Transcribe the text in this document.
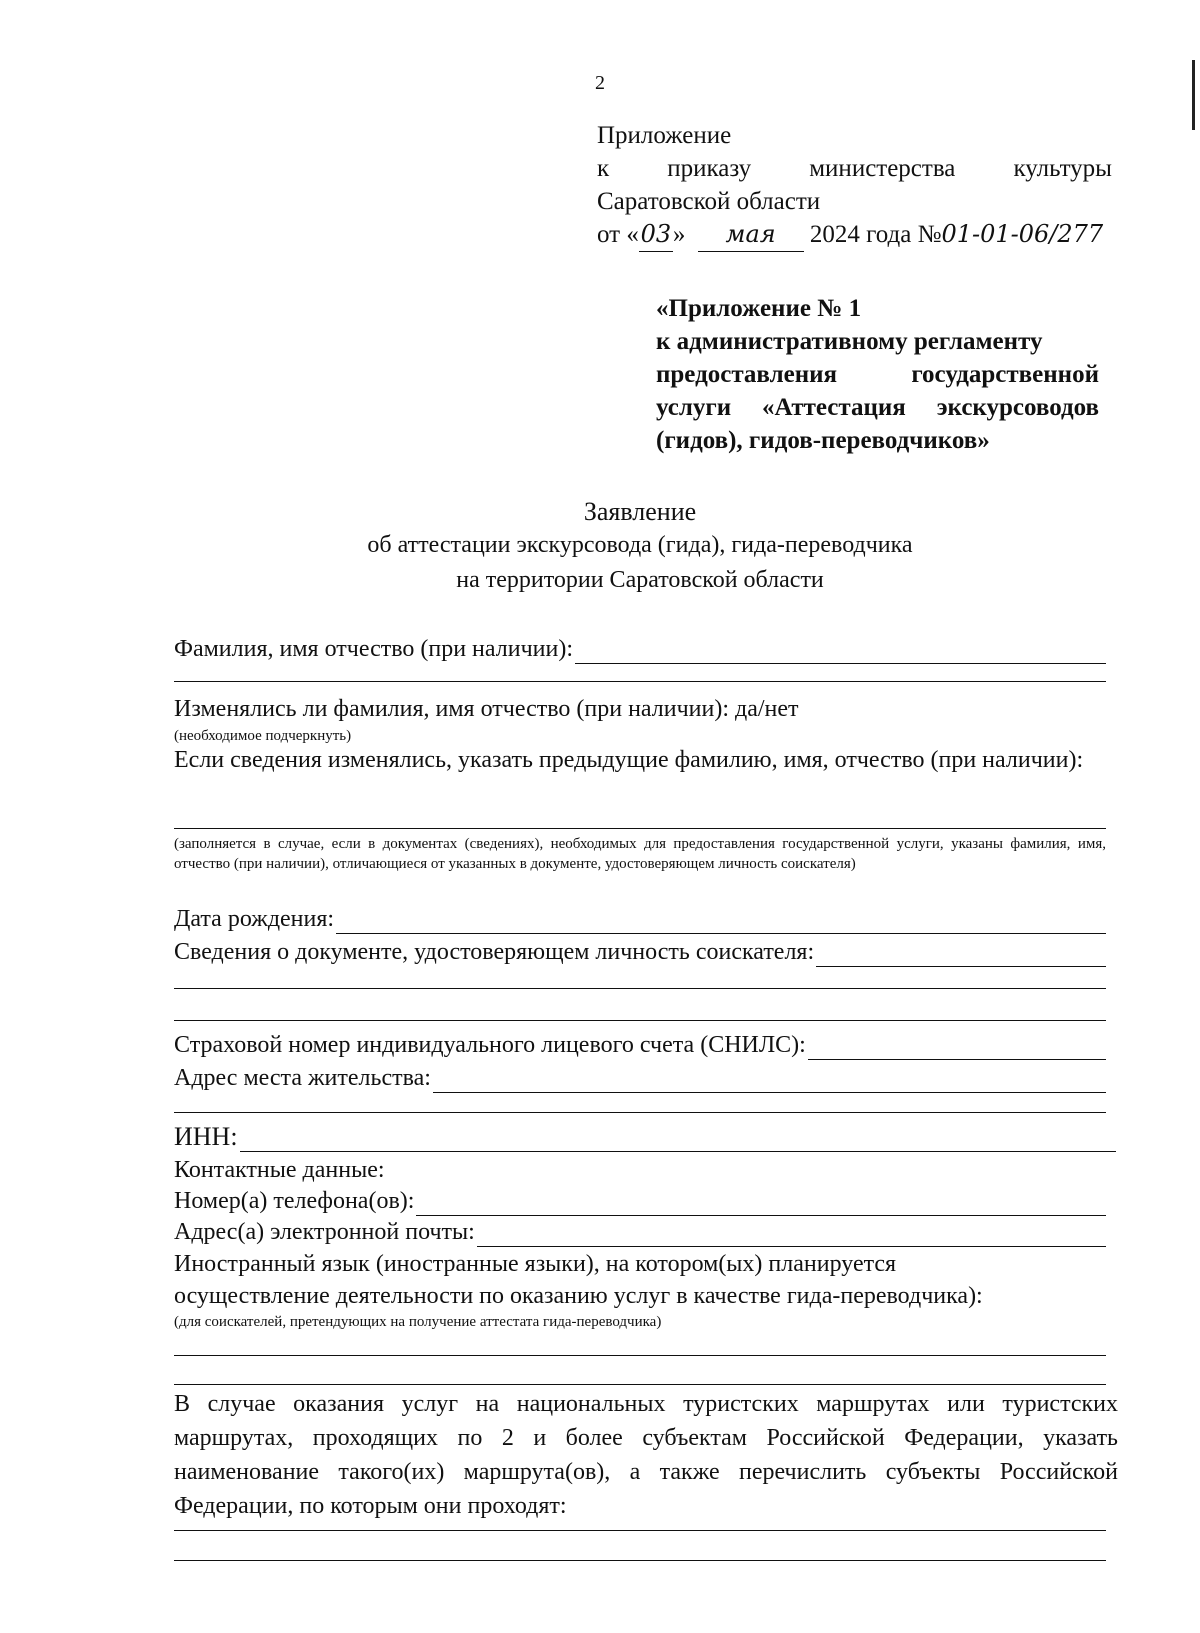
2
Приложение
к приказу министерства культуры
Саратовской области
от «03» мая 2024 года №01-01-06/277
«Приложение № 1
к административному регламенту
предоставления государственной
услуги «Аттестация экскурсоводов
(гидов), гидов-переводчиков»
Заявление
об аттестации экскурсовода (гида), гида-переводчика
на территории Саратовской области
Фамилия, имя отчество (при наличии):
Изменялись ли фамилия, имя отчество (при наличии): да/нет
(необходимое подчеркнуть)
Если сведения изменялись, указать предыдущие фамилию, имя, отчество (при наличии):
(заполняется в случае, если в документах (сведениях), необходимых для предоставления государственной услуги, указаны фамилия, имя, отчество (при наличии), отличающиеся от указанных в документе, удостоверяющем личность соискателя)
Дата рождения:
Сведения о документе, удостоверяющем личность соискателя:
Страховой номер индивидуального лицевого счета (СНИЛС):
Адрес места жительства:
ИНН:
Контактные данные:
Номер(а) телефона(ов):
Адрес(а) электронной почты:
Иностранный язык (иностранные языки), на котором(ых) планируется
осуществление деятельности по оказанию услуг в качестве гида-переводчика):
(для соискателей, претендующих на получение аттестата гида-переводчика)
В случае оказания услуг на национальных туристских маршрутах или туристских маршрутах, проходящих по 2 и более субъектам Российской Федерации, указать наименование такого(их) маршрута(ов), а также перечислить субъекты Российской Федерации, по которым они проходят:
